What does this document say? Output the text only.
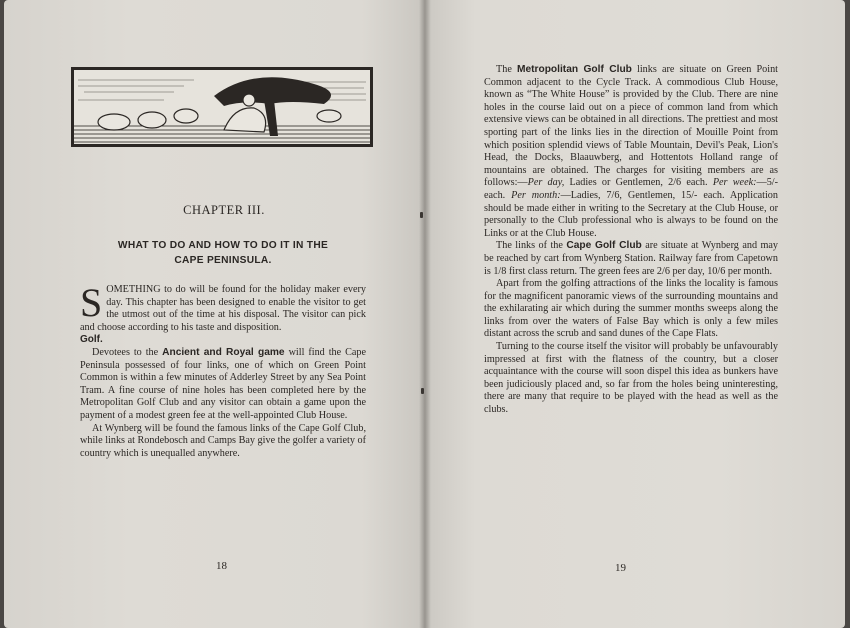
CHAPTER III.
WHAT TO DO AND HOW TO DO IT IN THE
CAPE PENINSULA.

SOMETHING to do will be found for the holiday maker every day. This chapter has been designed to enable the visitor to get the utmost out of the time at his disposal. The visitor can pick and choose according to his taste and disposition.

Golf.

Devotees to the Ancient and Royal game will find the Cape Peninsula possessed of four links, one of which on Green Point Common is within a few minutes of Adderley Street by any Sea Point Tram. A fine course of nine holes has been completed here by the Metropolitan Golf Club and any visitor can obtain a game upon the payment of a modest green fee at the well-appointed Club House.

At Wynberg will be found the famous links of the Cape Golf Club, while links at Rondebosch and Camps Bay give the golfer a variety of country which is unequalled anywhere.

18

The Metropolitan Golf Club links are situate on Green Point Common adjacent to the Cycle Track. A commodious Club House, known as “The White House” is provided by the Club. There are nine holes in the course laid out on a piece of common land from which extensive views can be obtained in all directions. The prettiest and most sporting part of the links lies in the direction of Mouille Point from which position splendid views of Table Mountain, Devil's Peak, Lion's Head, the Docks, Blaauwberg, and Hottentots Holland range of mountains are obtained. The charges for visiting members are as follows:—Per day, Ladies or Gentlemen, 2/6 each. Per week:—5/- each. Per month:—Ladies, 7/6, Gentlemen, 15/- each. Application should be made either in writing to the Secretary at the Club House, or personally to the Club professional who is always to be found on the Links or at the Club House.

The links of the Cape Golf Club are situate at Wynberg and may be reached by cart from Wynberg Station. Railway fare from Capetown is 1/8 first class return. The green fees are 2/6 per day, 10/6 per month.

Apart from the golfing attractions of the links the locality is famous for the magnificent panoramic views of the surrounding mountains and the exhilarating air which during the summer months sweeps along the links from over the waters of False Bay which is only a few miles distant across the scrub and sand dunes of the Cape Flats.

Turning to the course itself the visitor will probably be unfavourably impressed at first with the flatness of the country, but a closer acquaintance with the course will soon dispel this idea as bunkers have been judiciously placed and, so far from the holes being uninteresting, there are many that require to be played with the head as well as the clubs.

19
